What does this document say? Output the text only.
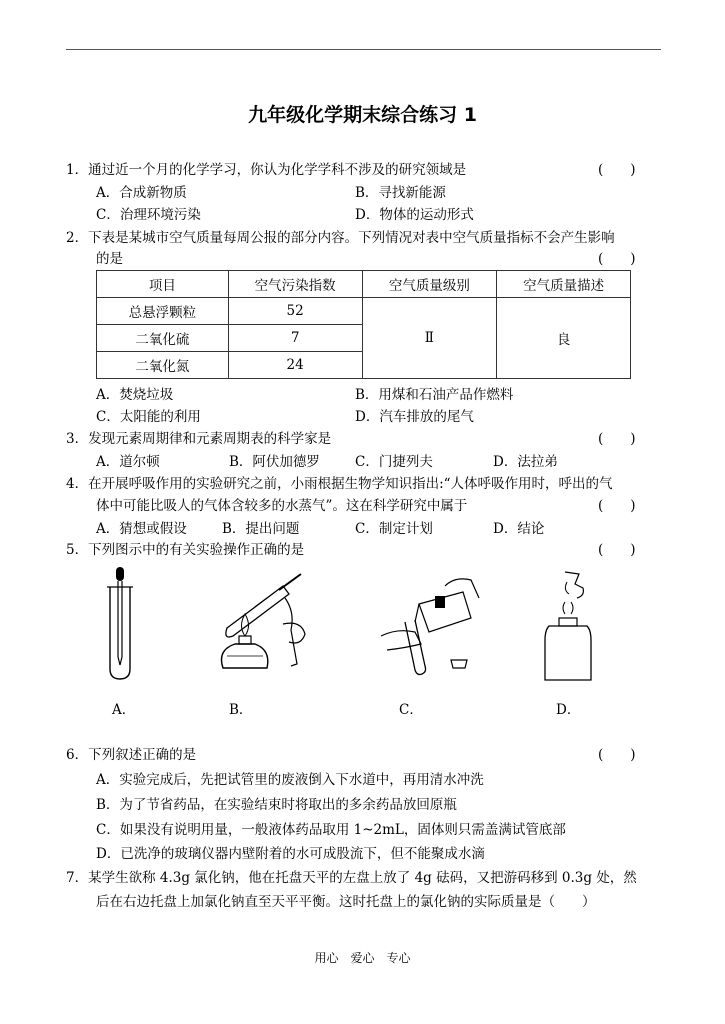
九年级化学期末综合练习 1
1．通过近一个月的化学学习，你认为化学学科不涉及的研究领域是	(　　)
A．合成新物质	B．寻找新能源
C．治理环境污染	D．物体的运动形式
2．下表是某城市空气质量每周公报的部分内容。下列情况对表中空气质量指标不会产生影响
的是	(　　)
项目	空气污染指数	空气质量级别	空气质量描述
总悬浮颗粒	52	Ⅱ	良
二氧化硫	7		
二氧化氮	24		
A．焚烧垃圾	B．用煤和石油产品作燃料
C．太阳能的利用	D．汽车排放的尾气
3．发现元素周期律和元素周期表的科学家是	(　　)
A．道尔顿	B．阿伏加德罗	C．门捷列夫	D．法拉弟
4．在开展呼吸作用的实验研究之前，小雨根据生物学知识指出:“人体呼吸作用时，呼出的气
体中可能比吸人的气体含较多的水蒸气”。这在科学研究中属于	(　　)
A．猜想或假设	B．提出问题	C．制定计划	D．结论
5．下列图示中的有关实验操作正确的是	(　　)
A．	B．	C．	D．
6．下列叙述正确的是	(　　)
A．实验完成后，先把试管里的废液倒入下水道中，再用清水冲洗
B．为了节省药品，在实验结束时将取出的多余药品放回原瓶
C．如果没有说明用量，一般液体药品取用 1~2mL，固体则只需盖满试管底部
D．已洗净的玻璃仪器内壁附着的水可成股流下，但不能聚成水滴
7．某学生欲称 4.3g 氯化钠，他在托盘天平的左盘上放了 4g 砝码，又把游码移到 0.3g 处，然
后在右边托盘上加氯化钠直至天平平衡。这时托盘上的氯化钠的实际质量是（　　）
用心　爱心　专心
